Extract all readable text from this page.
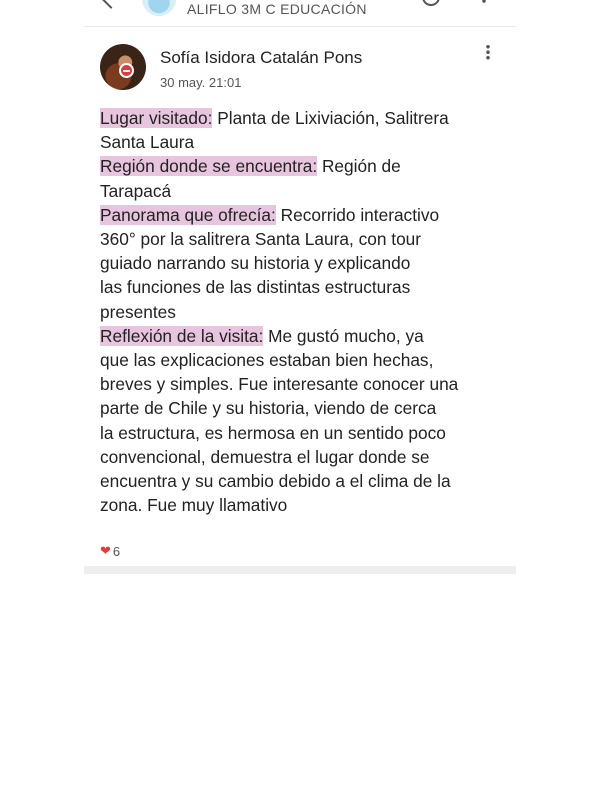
ALIFLO 3M C EDUCACIÓN
Sofía Isidora Catalán Pons
30 may. 21:01
Lugar visitado: Planta de Lixiviación, Salitrera
Santa Laura
Región donde se encuentra: Región de
Tarapacá
Panorama que ofrecía: Recorrido interactivo
360° por la salitrera Santa Laura, con tour
guiado narrando su historia y explicando
las funciones de las distintas estructuras
presentes
Reflexión de la visita: Me gustó mucho, ya
que las explicaciones estaban bien hechas,
breves y simples. Fue interesante conocer una
parte de Chile y su historia, viendo de cerca
la estructura, es hermosa en un sentido poco
convencional, demuestra el lugar donde se
encuentra y su cambio debido a el clima de la
zona. Fue muy llamativo
❤ 6
